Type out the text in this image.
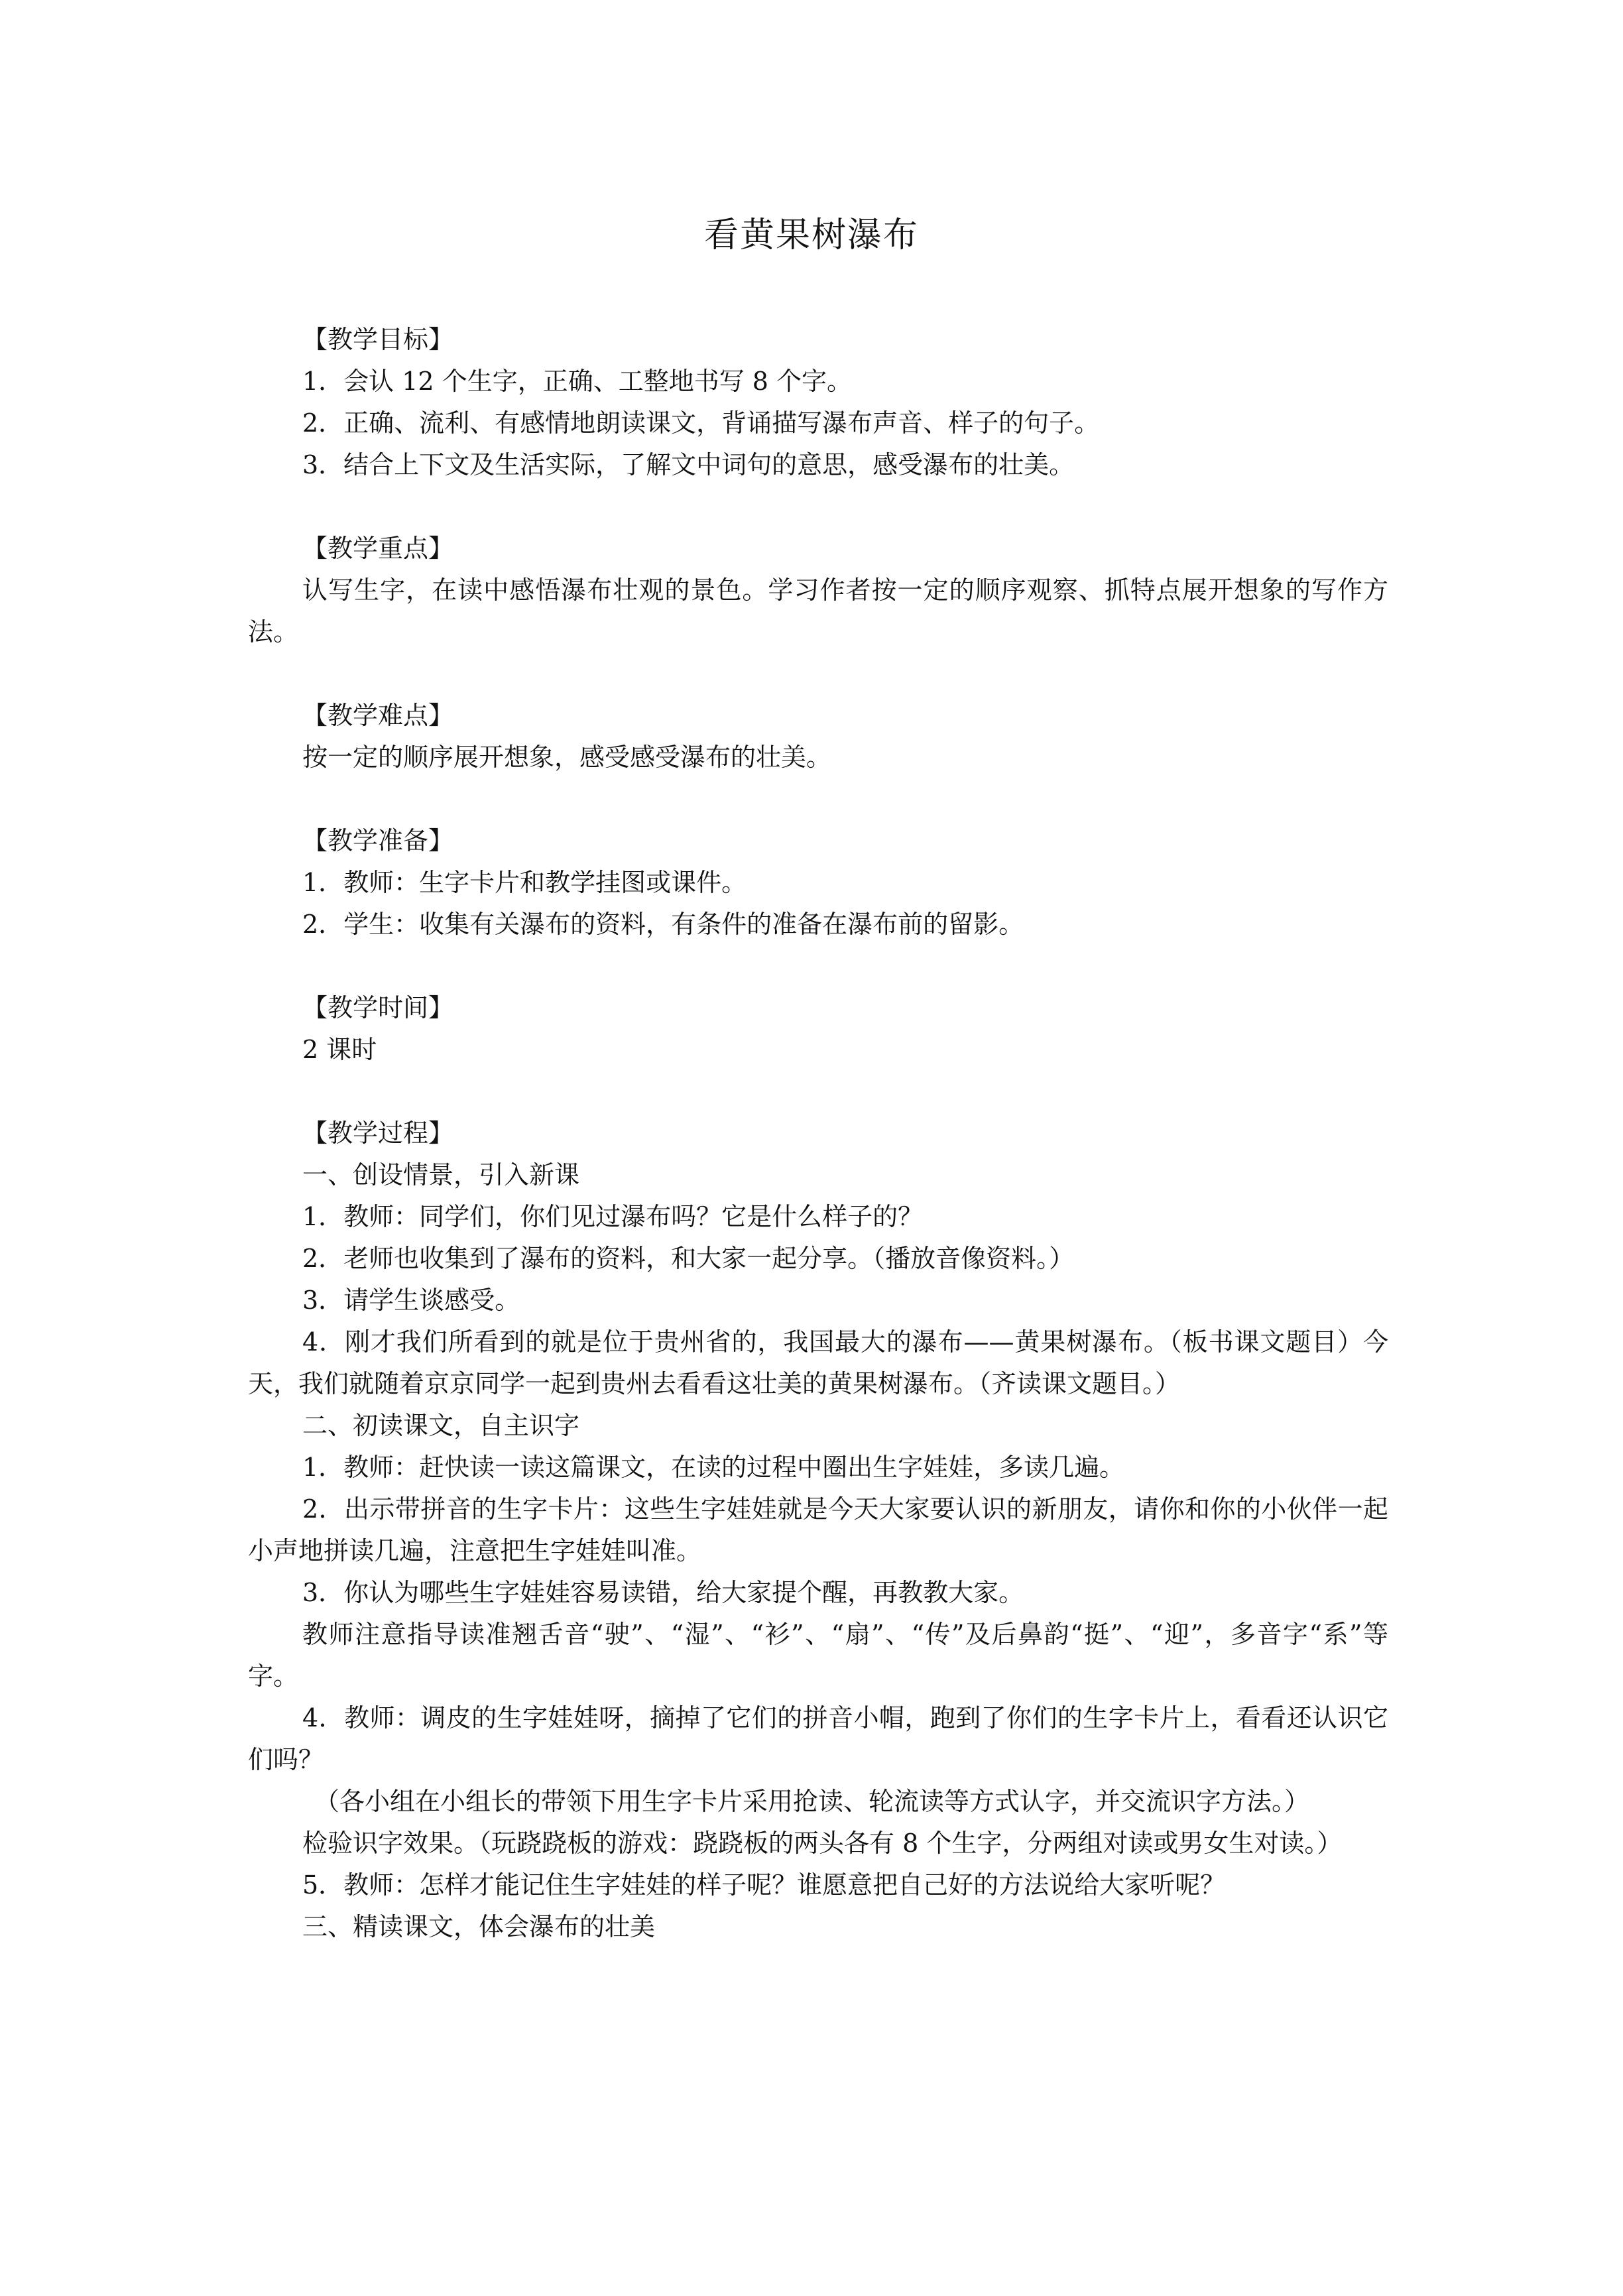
看黄果树瀑布

【教学目标】

1．会认 12 个生字，正确、工整地书写 8 个字。

2．正确、流利、有感情地朗读课文，背诵描写瀑布声音、样子的句子。

3．结合上下文及生活实际，了解文中词句的意思，感受瀑布的壮美。

【教学重点】

认写生字，在读中感悟瀑布壮观的景色。学习作者按一定的顺序观察、抓特点展开想象的写作方法。

【教学难点】

按一定的顺序展开想象，感受感受瀑布的壮美。

【教学准备】

1．教师：生字卡片和教学挂图或课件。

2．学生：收集有关瀑布的资料，有条件的准备在瀑布前的留影。

【教学时间】

2 课时

【教学过程】

一、创设情景，引入新课

1．教师：同学们，你们见过瀑布吗？它是什么样子的？

2．老师也收集到了瀑布的资料，和大家一起分享。（播放音像资料。）

3．请学生谈感受。

4．刚才我们所看到的就是位于贵州省的，我国最大的瀑布——黄果树瀑布。（板书课文题目）今天，我们就随着京京同学一起到贵州去看看这壮美的黄果树瀑布。（齐读课文题目。）

二、初读课文，自主识字

1．教师：赶快读一读这篇课文，在读的过程中圈出生字娃娃，多读几遍。

2．出示带拼音的生字卡片：这些生字娃娃就是今天大家要认识的新朋友，请你和你的小伙伴一起小声地拼读几遍，注意把生字娃娃叫准。

3．你认为哪些生字娃娃容易读错，给大家提个醒，再教教大家。

教师注意指导读准翘舌音“驶”、“湿”、“衫”、“扇”、“传”及后鼻韵“挺”、“迎”，多音字“系”等字。

4．教师：调皮的生字娃娃呀，摘掉了它们的拼音小帽，跑到了你们的生字卡片上，看看还认识它们吗？

（各小组在小组长的带领下用生字卡片采用抢读、轮流读等方式认字，并交流识字方法。）

检验识字效果。（玩跷跷板的游戏：跷跷板的两头各有 8 个生字，分两组对读或男女生对读。）

5．教师：怎样才能记住生字娃娃的样子呢？谁愿意把自己好的方法说给大家听呢？

三、精读课文，体会瀑布的壮美
